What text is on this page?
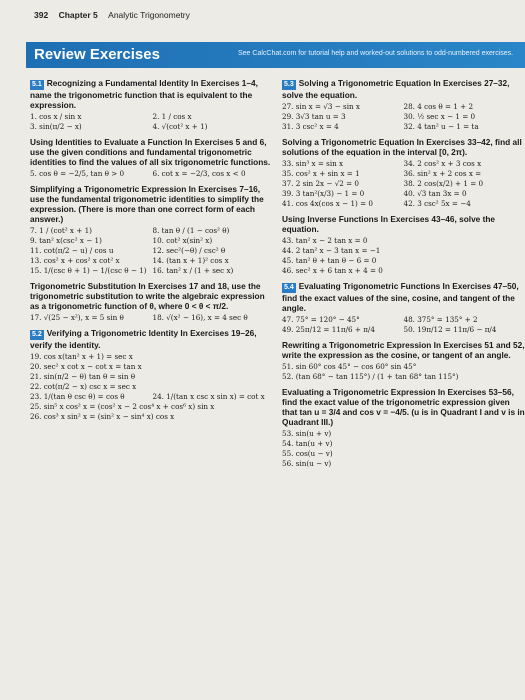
392 Chapter 5 Analytic Trigonometry
Review Exercises	See CalcChat.com for tutorial help and worked-out solutions to odd-numbered exercises.
5.1 Recognizing a Fundamental Identity In Exercises 1–4, name the trigonometric function that is equivalent to the expression.
1. cos x / sin x	2. 1 / cos x
3. sin(π/2 − x)	4. √(cot² x + 1)
Using Identities to Evaluate a Function In Exercises 5 and 6, use the given conditions and fundamental trigonometric identities to find the values of all six trigonometric functions.
5. cos θ = −2/5, tan θ > 0	6. cot x = −2/3, cos x < 0
Simplifying a Trigonometric Expression In Exercises 7–16, use the fundamental trigonometric identities to simplify the expression. (There is more than one correct form of each answer.)
7. 1 / (cot² x + 1)	8. tan θ / (1 − cos² θ)
9. tan² x(csc² x − 1)	10. cot² x(sin² x)
11. cot(π/2 − u) / cos u	12. sec²(−θ) / csc² θ
13. cos² x + cos² x cot² x	14. (tan x + 1)² cos x
15. 1/(csc θ + 1) − 1/(csc θ − 1) 16. tan² x / (1 + sec x)
Trigonometric Substitution In Exercises 17 and 18, use the trigonometric substitution to write the algebraic expression as a trigonometric function of θ, where 0 < θ < π/2.
17. √(25 − x²), x = 5 sin θ	18. √(x² − 16), x = 4 sec θ
5.2 Verifying a Trigonometric Identity In Exercises 19–26, verify the identity.
19. cos x(tan² x + 1) = sec x
20. sec² x cot x − cot x = tan x
21. sin(π/2 − θ) tan θ = sin θ
22. cot(π/2 − x) csc x = sec x
23. 1/(tan θ csc θ) = cos θ	24. 1/(tan x csc x sin x) = cot x
25. sin⁵ x cos² x = (cos² x − 2 cos⁴ x + cos⁶ x) sin x
26. cos³ x sin² x = (sin² x − sin⁴ x) cos x
5.3 Solving a Trigonometric Equation In Exercises 27–32, solve the equation.
27. sin x = √3 − sin x	28. 4 cos θ = 1 + 2
29. 3√3 tan u = 3	30. ½ sec x − 1 = 0
31. 3 csc² x = 4	32. 4 tan² u − 1 = ta
Solving a Trigonometric Equation In Exercises 33–42, find all solutions of the equation in the interval [0, 2π).
33. sin³ x = sin x	34. 2 cos² x + 3 cos x
35. cos² x + sin x = 1	36. sin² x + 2 cos x =
37. 2 sin 2x − √2 = 0	38. 2 cos(x/2) + 1 = 0
39. 3 tan²(x/3) − 1 = 0	40. √3 tan 3x = 0
41. cos 4x(cos x − 1) = 0	42. 3 csc² 5x = −4
Using Inverse Functions In Exercises 43–46, solve the equation.
43. tan² x − 2 tan x = 0
44. 2 tan² x − 3 tan x = −1
45. tan² θ + tan θ − 6 = 0
46. sec² x + 6 tan x + 4 = 0
5.4 Evaluating Trigonometric Functions In Exercises 47–50, find the exact values of the sine, cosine, and tangent of the angle.
47. 75° = 120° − 45°	48. 375° = 135° + 2
49. 25π/12 = 11π/6 + π/4	50. 19π/12 = 11π/6 − π/4
Rewriting a Trigonometric Expression In Exercises 51 and 52, write the expression as the cosine, or tangent of an angle.
51. sin 60° cos 45° − cos 60° sin 45°
52. (tan 68° − tan 115°) / (1 + tan 68° tan 115°)
Evaluating a Trigonometric Expression In Exercises 53–56, find the exact value of the trigonometric expression given that tan u = 3/4 and cos v = −4/5. (u is in Quadrant I and v is in Quadrant III.)
53. sin(u + v)
54. tan(u + v)
55. cos(u − v)
56. sin(u − v)
